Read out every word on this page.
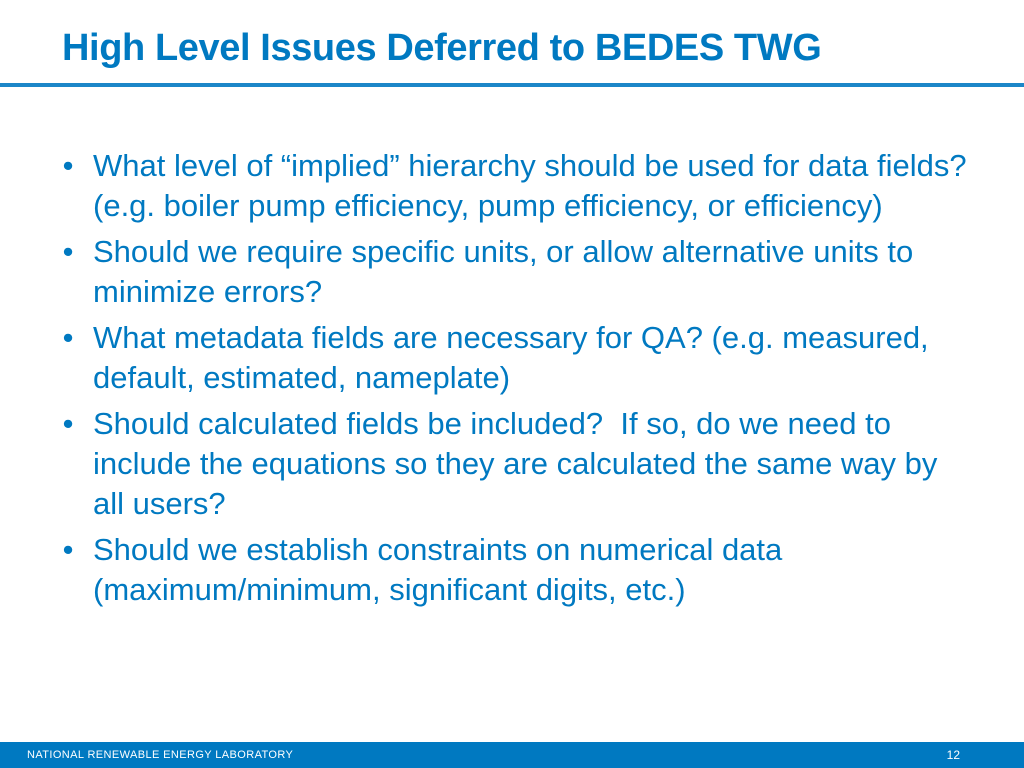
High Level Issues Deferred to BEDES TWG
• What level of “implied” hierarchy should be used for data fields?  (e.g. boiler pump efficiency, pump efficiency, or efficiency)
• Should we require specific units, or allow alternative units to minimize errors?
• What metadata fields are necessary for QA? (e.g. measured, default, estimated, nameplate)
• Should calculated fields be included?  If so, do we need to include the equations so they are calculated the same way by all users?
• Should we establish constraints on numerical data (maximum/minimum, significant digits, etc.)
NATIONAL RENEWABLE ENERGY LABORATORY	12
